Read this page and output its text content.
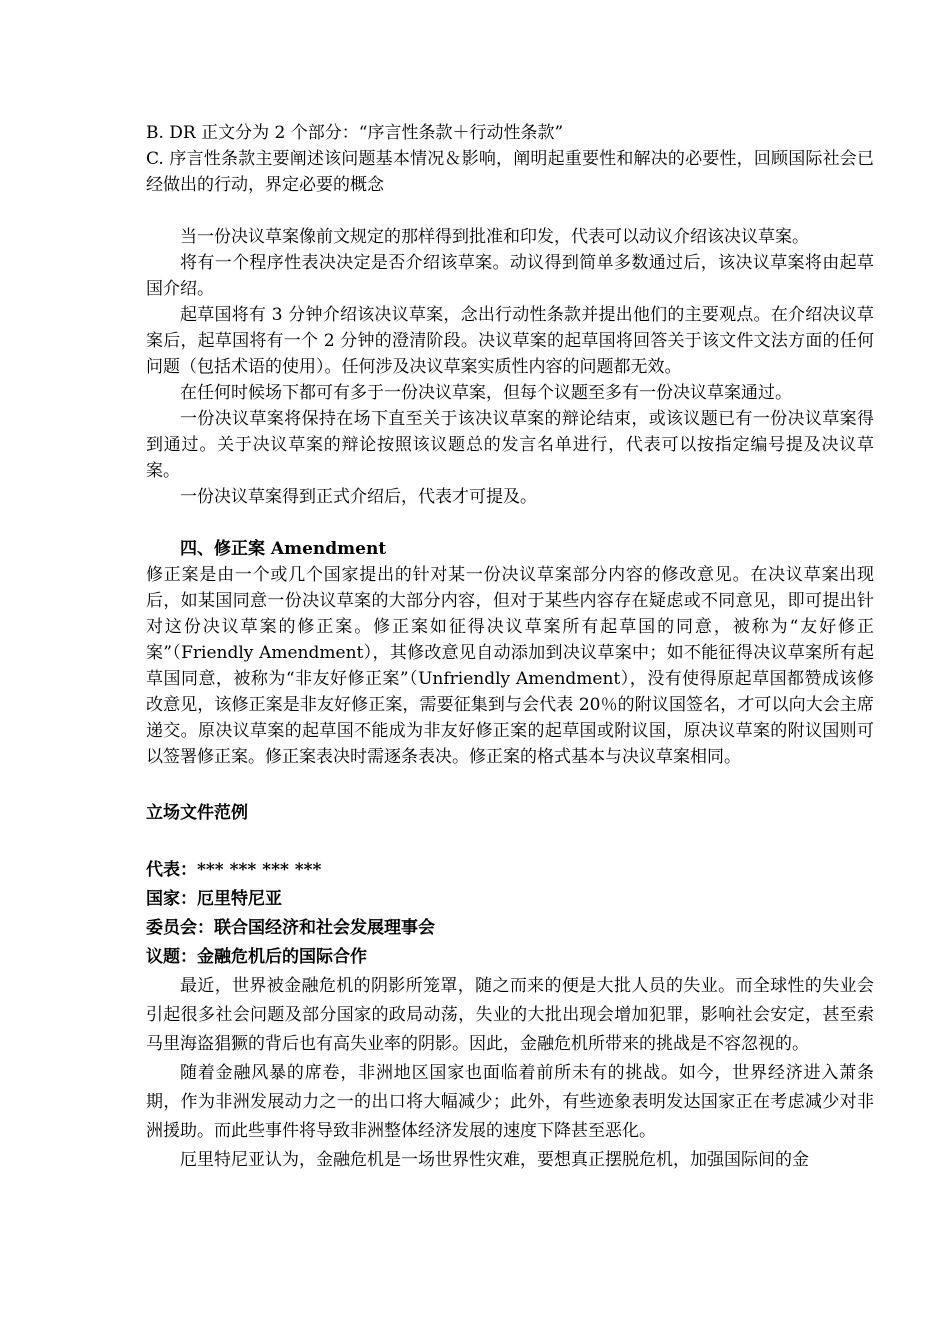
B. DR 正文分为 2 个部分：“序言性条款＋行动性条款”

C. 序言性条款主要阐述该问题基本情况＆影响，阐明起重要性和解决的必要性，回顾国际社会已经做出的行动，界定必要的概念

当一份决议草案像前文规定的那样得到批准和印发，代表可以动议介绍该决议草案。

将有一个程序性表决决定是否介绍该草案。动议得到简单多数通过后，该决议草案将由起草国介绍。

起草国将有 3 分钟介绍该决议草案，念出行动性条款并提出他们的主要观点。在介绍决议草案后，起草国将有一个 2 分钟的澄清阶段。决议草案的起草国将回答关于该文件文法方面的任何问题（包括术语的使用）。任何涉及决议草案实质性内容的问题都无效。

在任何时候场下都可有多于一份决议草案，但每个议题至多有一份决议草案通过。

一份决议草案将保持在场下直至关于该决议草案的辩论结束，或该议题已有一份决议草案得到通过。关于决议草案的辩论按照该议题总的发言名单进行，代表可以按指定编号提及决议草案。

一份决议草案得到正式介绍后，代表才可提及。

四、修正案 Amendment

修正案是由一个或几个国家提出的针对某一份决议草案部分内容的修改意见。在决议草案出现后，如某国同意一份决议草案的大部分内容，但对于某些内容存在疑虑或不同意见，即可提出针对这份决议草案的修正案。修正案如征得决议草案所有起草国的同意，被称为“友好修正案”（Friendly Amendment），其修改意见自动添加到决议草案中；如不能征得决议草案所有起草国同意，被称为“非友好修正案”（Unfriendly Amendment），没有使得原起草国都赞成该修改意见，该修正案是非友好修正案，需要征集到与会代表 20％的附议国签名，才可以向大会主席递交。原决议草案的起草国不能成为非友好修正案的起草国或附议国，原决议草案的附议国则可以签署修正案。修正案表决时需逐条表决。修正案的格式基本与决议草案相同。

立场文件范例

代表：*** *** *** ***

国家：厄里特尼亚

委员会：联合国经济和社会发展理事会

议题：金融危机后的国际合作

最近，世界被金融危机的阴影所笼罩，随之而来的便是大批人员的失业。而全球性的失业会引起很多社会问题及部分国家的政局动荡，失业的大批出现会增加犯罪，影响社会安定，甚至索马里海盗猖獗的背后也有高失业率的阴影。因此，金融危机所带来的挑战是不容忽视的。

随着金融风暴的席卷，非洲地区国家也面临着前所未有的挑战。如今，世界经济进入萧条期，作为非洲发展动力之一的出口将大幅减少；此外，有些迹象表明发达国家正在考虑减少对非洲援助。而此些事件将导致非洲整体经济发展的速度下降甚至恶化。

厄里特尼亚认为，金融危机是一场世界性灾难，要想真正摆脱危机，加强国际间的金
